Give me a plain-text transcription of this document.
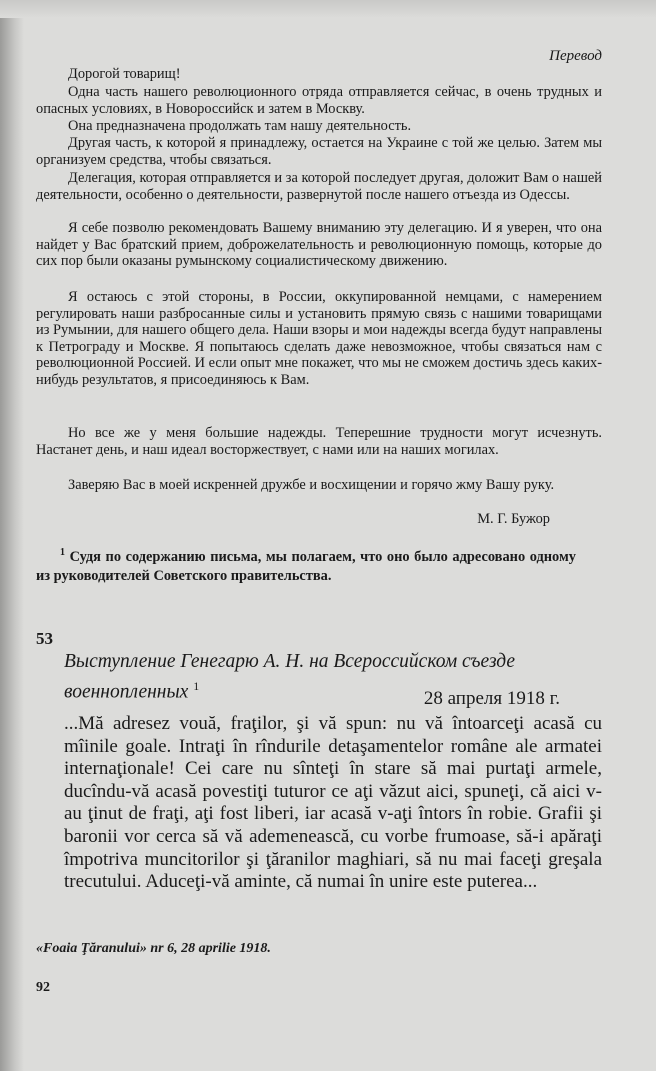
Перевод

Дорогой товарищ!

Одна часть нашего революционного отряда отправляется сейчас, в очень трудных и опасных условиях, в Новороссийск и затем в Москву.

Она предназначена продолжать там нашу деятельность.

Другая часть, к которой я принадлежу, остается на Украине с той же целью. Затем мы организуем средства, чтобы связаться.

Делегация, которая отправляется и за которой последует другая, доложит Вам о нашей деятельности, особенно о деятельности, развернутой после нашего отъезда из Одессы.

Я себе позволю рекомендовать Вашему вниманию эту делегацию. И я уверен, что она найдет у Вас братский прием, доброжелательность и революционную помощь, которые до сих пор были оказаны румынскому социалистическому движению.

Я остаюсь с этой стороны, в России, оккупированной немцами, с намерением регулировать наши разбросанные силы и установить прямую связь с нашими товарищами из Румынии, для нашего общего дела. Наши взоры и мои надежды всегда будут направлены к Петрограду и Москве. Я попытаюсь сделать даже невозможное, чтобы связаться нам с революционной Россией. И если опыт мне покажет, что мы не сможем достичь здесь каких-нибудь результатов, я присоединяюсь к Вам.

Но все же у меня большие надежды. Теперешние трудности могут исчезнуть. Настанет день, и наш идеал восторжествует, с нами или на наших могилах.

Заверяю Вас в моей искренней дружбе и восхищении и горячо жму Вашу руку.

М. Г. Бужор
$^1$ Судя по содержанию письма, мы полагаем, что оно было адресовано одному из руководителей Советского правительства.
53
Выступление Генегарю А. Н. на Всероссийском съезде военнопленных $^1$
28 апреля 1918 г.

...Mă adresez vouă, fraţilor, şi vă spun: nu vă întoarceţi acasă cu mîinile goale. Intraţi în rîndurile detaşamentelor române ale armatei internaţionale! Cei care nu sînteţi în stare să mai purtaţi armele, ducîndu-vă acasă povestiţi tuturor ce aţi văzut aici, spuneţi, că aici v-au ţinut de fraţi, aţi fost liberi, iar acasă v-aţi întors în robie. Grafii şi baronii vor cerca să vă ademenească, cu vorbe frumoase, să-i apăraţi împotriva muncitorilor şi ţăranilor maghiari, să nu mai faceţi greşala trecutului. Aduceţi-vă aminte, că numai în unire este puterea...

«Foaia Ţăranului» nr 6, 28 aprilie 1918.
92
